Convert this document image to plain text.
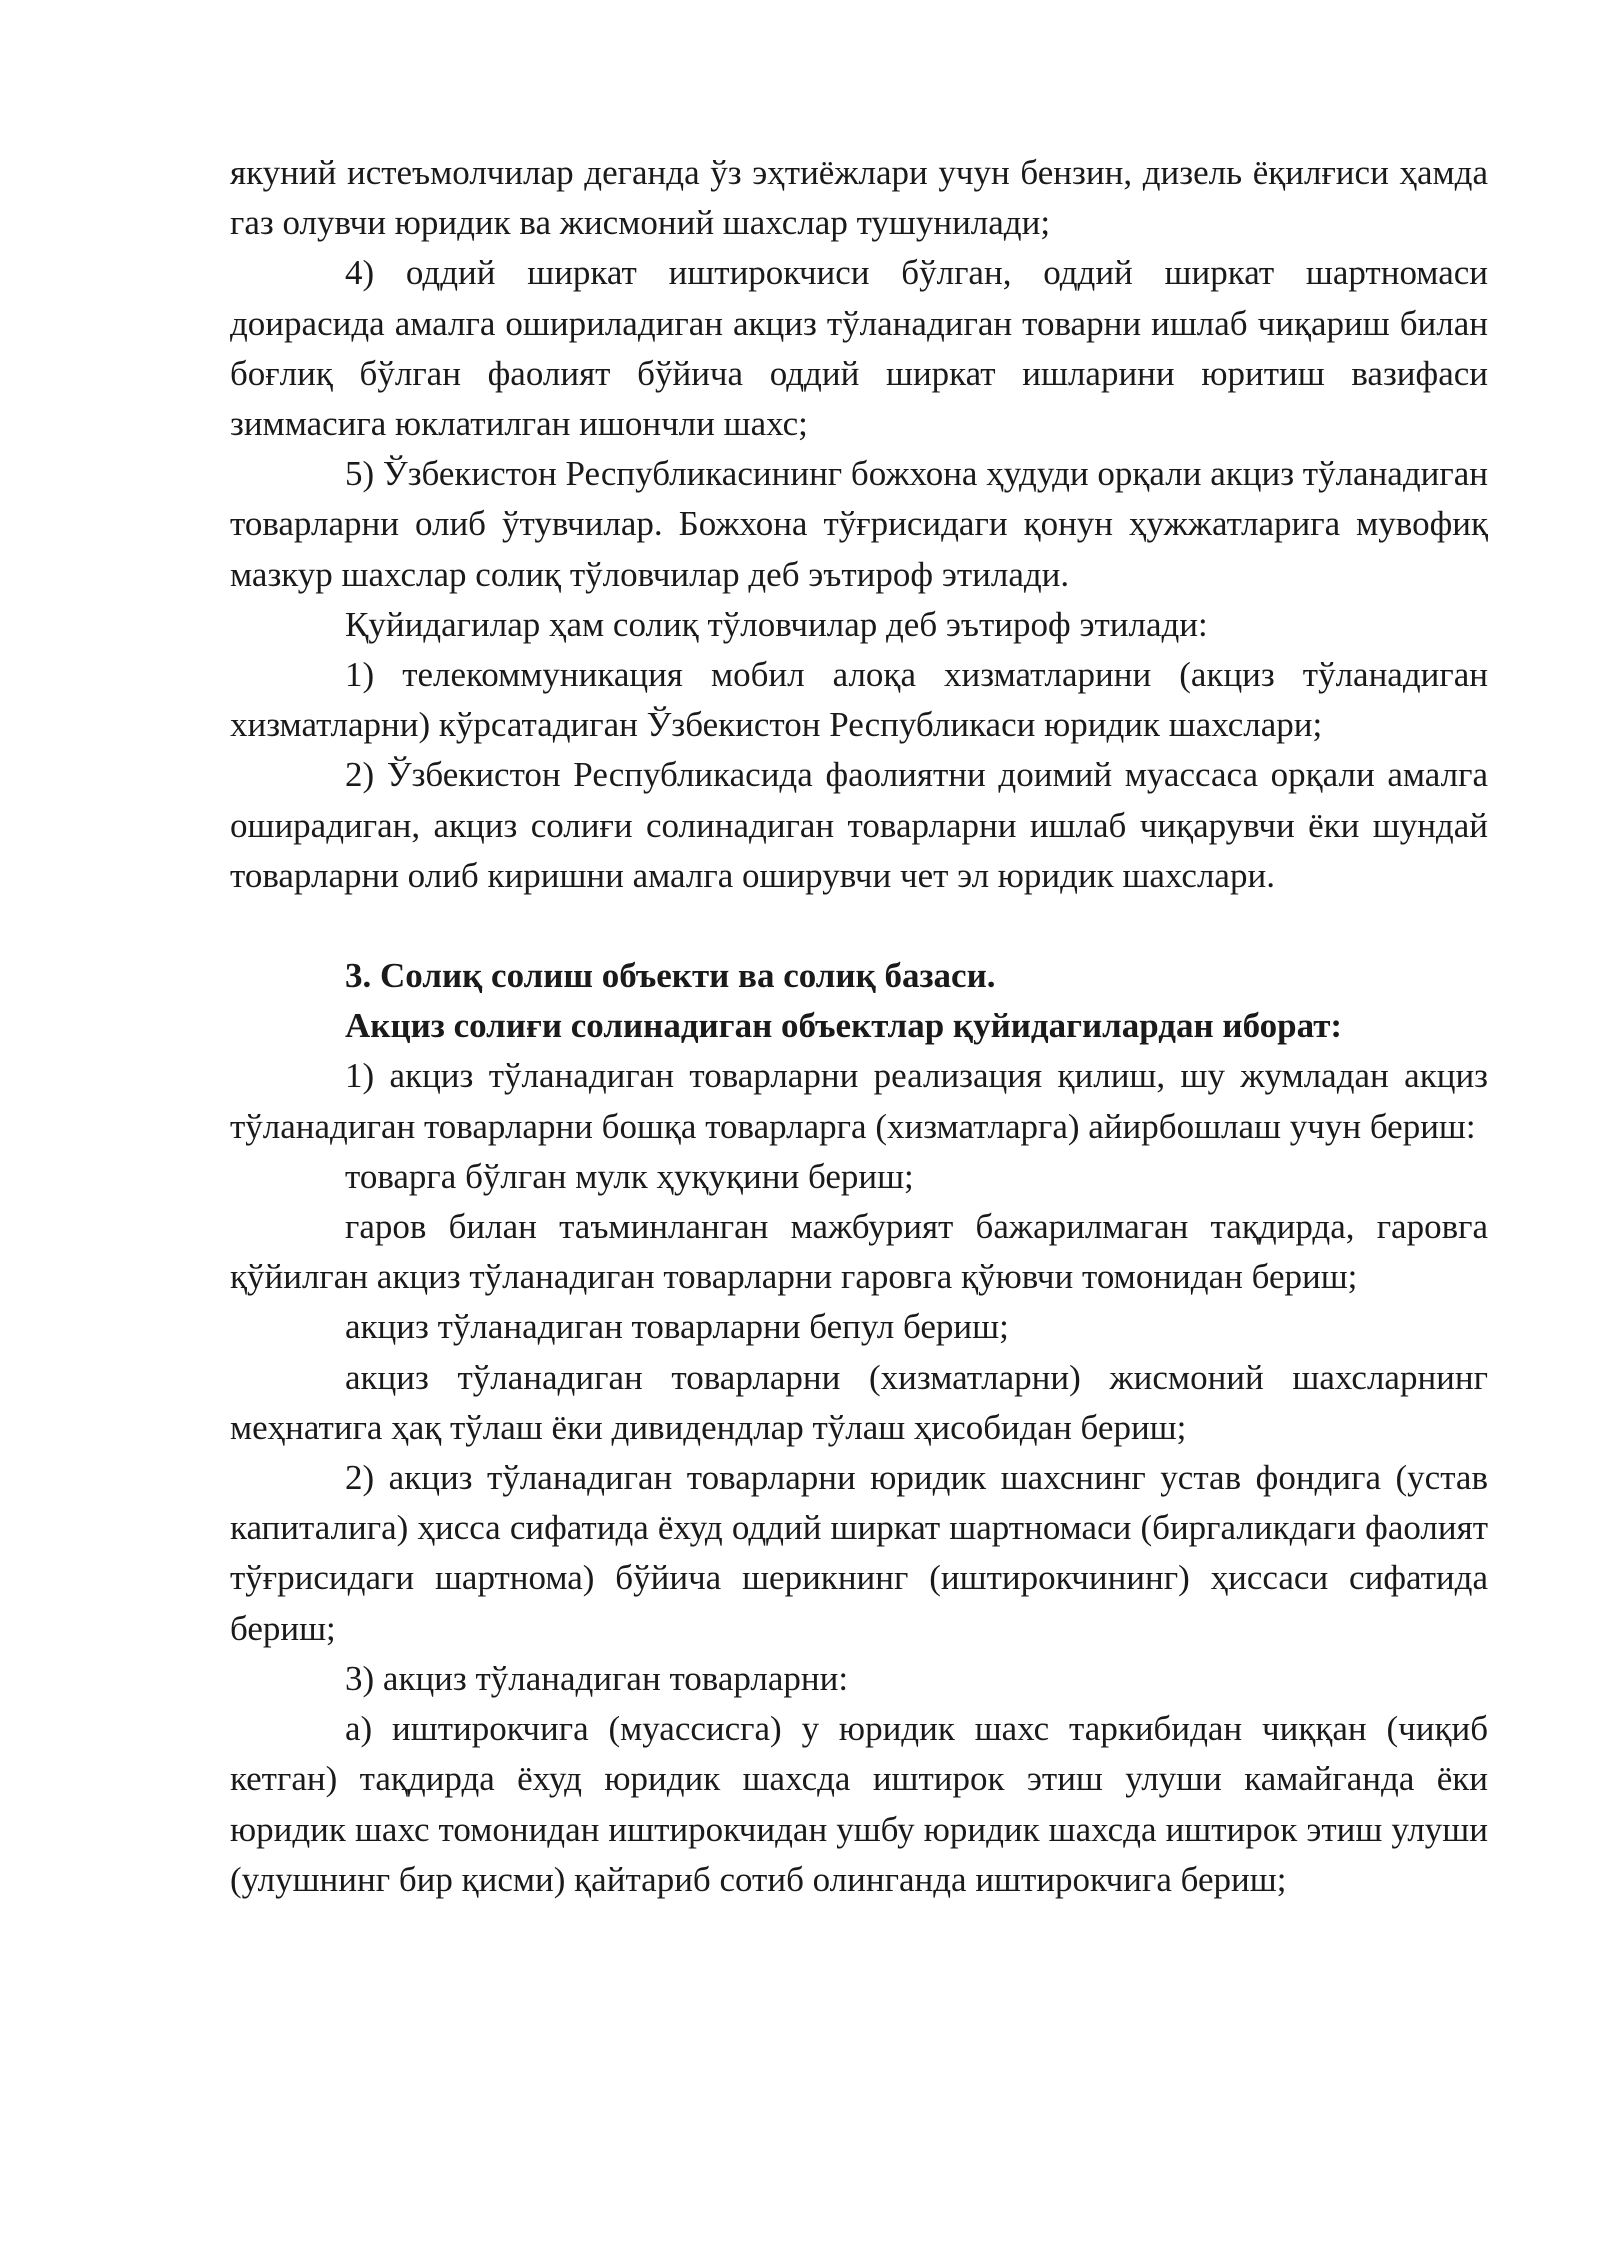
якуний истеъмолчилар деганда ўз эҳтиёжлари учун бензин, дизель ёқилғиси ҳамда газ олувчи юридик ва жисмоний шахслар тушунилади;

4) оддий ширкат иштирокчиси бўлган, оддий ширкат шартномаси доирасида амалга ошириладиган акциз тўланадиган товарни ишлаб чиқариш билан боғлиқ бўлган фаолият бўйича оддий ширкат ишларини юритиш вазифаси зиммасига юклатилган ишончли шахс;

5) Ўзбекистон Республикасининг божхона ҳудуди орқали акциз тўланадиган товарларни олиб ўтувчилар. Божхона тўғрисидаги қонун ҳужжатларига мувофиқ мазкур шахслар солиқ тўловчилар деб эътироф этилади.

Қуйидагилар ҳам солиқ тўловчилар деб эътироф этилади:

1) телекоммуникация мобил алоқа хизматларини (акциз тўланадиган хизматларни) кўрсатадиган Ўзбекистон Республикаси юридик шахслари;

2) Ўзбекистон Республикасида фаолиятни доимий муассаса орқали амалга оширадиган, акциз солиғи солинадиган товарларни ишлаб чиқарувчи ёки шундай товарларни олиб киришни амалга оширувчи чет эл юридик шахслари.

3. Солиқ солиш объекти ва солиқ базаси.

Акциз солиғи солинадиган объектлар қуйидагилардан иборат:

1) акциз тўланадиган товарларни реализация қилиш, шу жумладан акциз тўланадиган товарларни бошқа товарларга (хизматларга) айирбошлаш учун бериш:

товарга бўлган мулк ҳуқуқини бериш;

гаров билан таъминланган мажбурият бажарилмаган тақдирда, гаровга қўйилган акциз тўланадиган товарларни гаровга қўювчи томонидан бериш;

акциз тўланадиган товарларни бепул бериш;

акциз тўланадиган товарларни (хизматларни) жисмоний шахсларнинг меҳнатига ҳақ тўлаш ёки дивидендлар тўлаш ҳисобидан бериш;

2) акциз тўланадиган товарларни юридик шахснинг устав фондига (устав капиталига) ҳисса сифатида ёхуд оддий ширкат шартномаси (биргаликдаги фаолият тўғрисидаги шартнома) бўйича шерикнинг (иштирокчининг) ҳиссаси сифатида бериш;

3) акциз тўланадиган товарларни:

а) иштирокчига (муассисга) у юридик шахс таркибидан чиққан (чиқиб кетган) тақдирда ёхуд юридик шахсда иштирок этиш улуши камайганда ёки юридик шахс томонидан иштирокчидан ушбу юридик шахсда иштирок этиш улуши (улушнинг бир қисми) қайтариб сотиб олинганда иштирокчига бериш;
